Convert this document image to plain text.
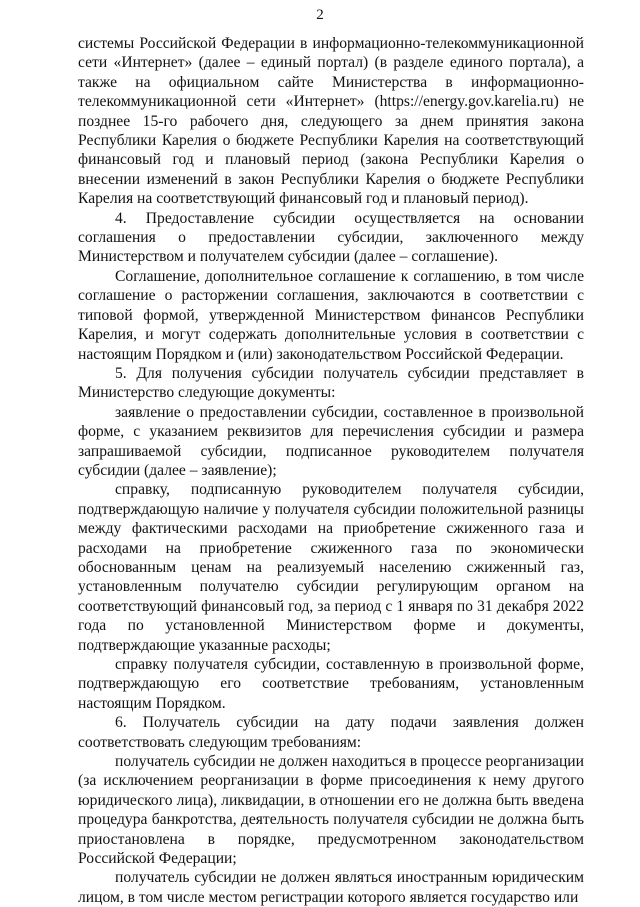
2

системы Российской Федерации в информационно-телекоммуникационной сети «Интернет» (далее – единый портал) (в разделе единого портала), а также на официальном сайте Министерства в информационно-телекоммуникационной сети «Интернет» (https://energy.gov.karelia.ru) не позднее 15-го рабочего дня, следующего за днем принятия закона Республики Карелия о бюджете Республики Карелия на соответствующий финансовый год и плановый период (закона Республики Карелия о внесении изменений в закон Республики Карелия о бюджете Республики Карелия на соответствующий финансовый год и плановый период).

4. Предоставление субсидии осуществляется на основании соглашения о предоставлении субсидии, заключенного между Министерством и получателем субсидии (далее – соглашение).

Соглашение, дополнительное соглашение к соглашению, в том числе соглашение о расторжении соглашения, заключаются в соответствии с типовой формой, утвержденной Министерством финансов Республики Карелия, и могут содержать дополнительные условия в соответствии с настоящим Порядком и (или) законодательством Российской Федерации.

5. Для получения субсидии получатель субсидии представляет в Министерство следующие документы:

заявление о предоставлении субсидии, составленное в произвольной форме, с указанием реквизитов для перечисления субсидии и размера запрашиваемой субсидии, подписанное руководителем получателя субсидии (далее – заявление);

справку, подписанную руководителем получателя субсидии, подтверждающую наличие у получателя субсидии положительной разницы между фактическими расходами на приобретение сжиженного газа и расходами на приобретение сжиженного газа по экономически обоснованным ценам на реализуемый населению сжиженный газ, установленным получателю субсидии регулирующим органом на соответствующий финансовый год, за период с 1 января по 31 декабря 2022 года по установленной Министерством форме и документы, подтверждающие указанные расходы;

справку получателя субсидии, составленную в произвольной форме, подтверждающую его соответствие требованиям, установленным настоящим Порядком.

6. Получатель субсидии на дату подачи заявления должен соответствовать следующим требованиям:

получатель субсидии не должен находиться в процессе реорганизации (за исключением реорганизации в форме присоединения к нему другого юридического лица), ликвидации, в отношении его не должна быть введена процедура банкротства, деятельность получателя субсидии не должна быть приостановлена в порядке, предусмотренном законодательством Российской Федерации;

получатель субсидии не должен являться иностранным юридическим лицом, в том числе местом регистрации которого является государство или
